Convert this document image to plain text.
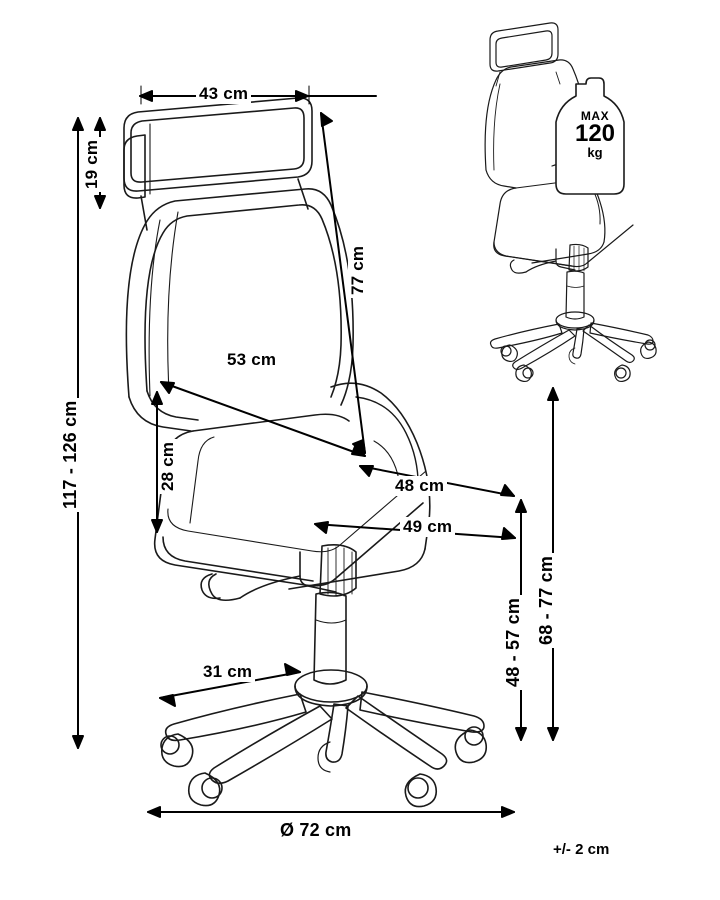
43 cm
19 cm
117 - 126 cm
77 cm
53 cm
28 cm	48 cm
49 cm
48 - 57 cm 68 - 77 cm
31 cm
Ø 72 cm
+/- 2 cm
MAX
120
kg
